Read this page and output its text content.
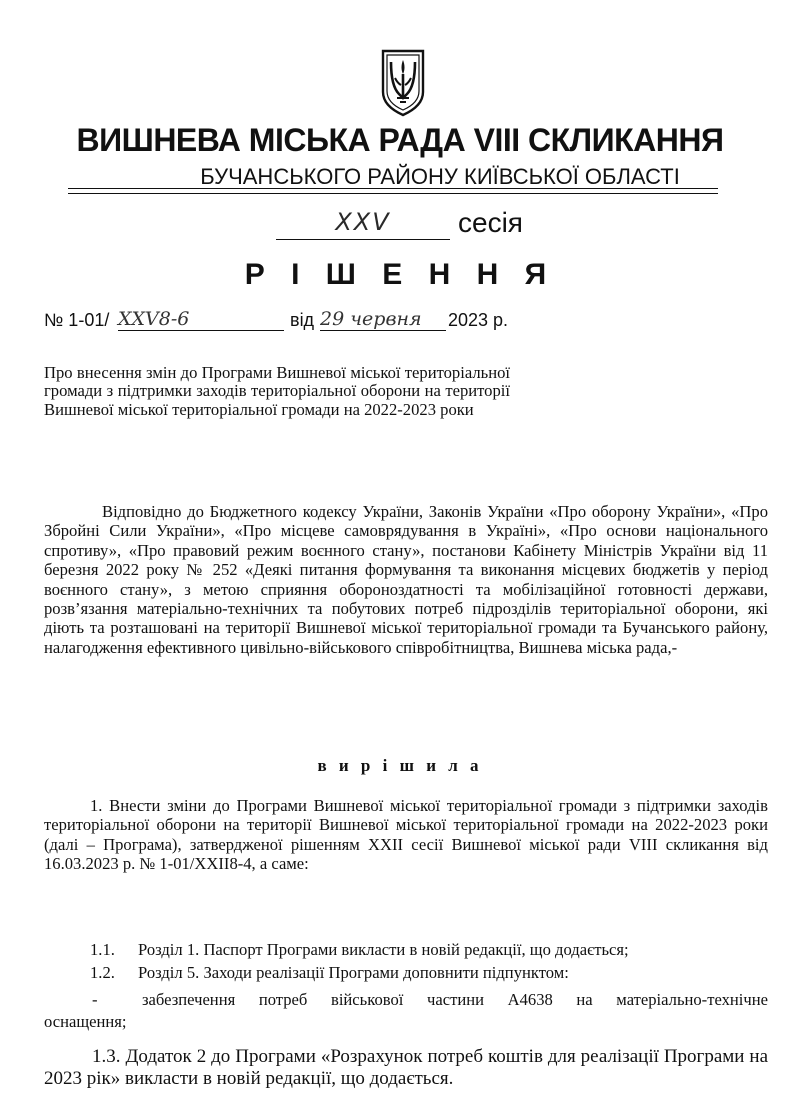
ВИШНЕВА МІСЬКА РАДА VIII СКЛИКАННЯ
БУЧАНСЬКОГО РАЙОНУ КИЇВСЬКОЇ ОБЛАСТІ
XXV	сесія
Р І Ш Е Н Н Я
№ 1-01/ XXV8-6	від 29 червня 2023 р.
Про внесення змін до Програми Вишневої міської територіальної громади з підтримки заходів територіальної оборони на території Вишневої міської територіальної громади на 2022-2023 роки

Відповідно до Бюджетного кодексу України, Законів України «Про оборону України», «Про Збройні Сили України», «Про місцеве самоврядування в Україні», «Про основи національного спротиву», «Про правовий режим воєнного стану», постанови Кабінету Міністрів України від 11 березня 2022 року № 252 «Деякі питання формування та виконання місцевих бюджетів у період воєнного стану», з метою сприяння обороноздатності та мобілізаційної готовності держави, розв’язання матеріально-технічних та побутових потреб підрозділів територіальної оборони, які діють та розташовані на території Вишневої міської територіальної громади та Бучанського району, налагодження ефективного цивільно-військового співробітництва, Вишнева міська рада,-

в и р і ш и л а

1. Внести зміни до Програми Вишневої міської територіальної громади з підтримки заходів територіальної оборони на території Вишневої міської територіальної громади на 2022-2023 роки (далі – Програма), затвердженої рішенням XXII сесії Вишневої міської ради VIII скликання від 16.03.2023 р. № 1-01/XXII8-4, а саме:

1.1. Розділ 1. Паспорт Програми викласти в новій редакції, що додається;
1.2. Розділ 5. Заходи реалізації Програми доповнити підпунктом:
-	забезпечення потреб військової частини А4638 на матеріально-технічне
оснащення;

1.3. Додаток 2 до Програми «Розрахунок потреб коштів для реалізації Програми на 2023 рік» викласти в новій редакції, що додається.
